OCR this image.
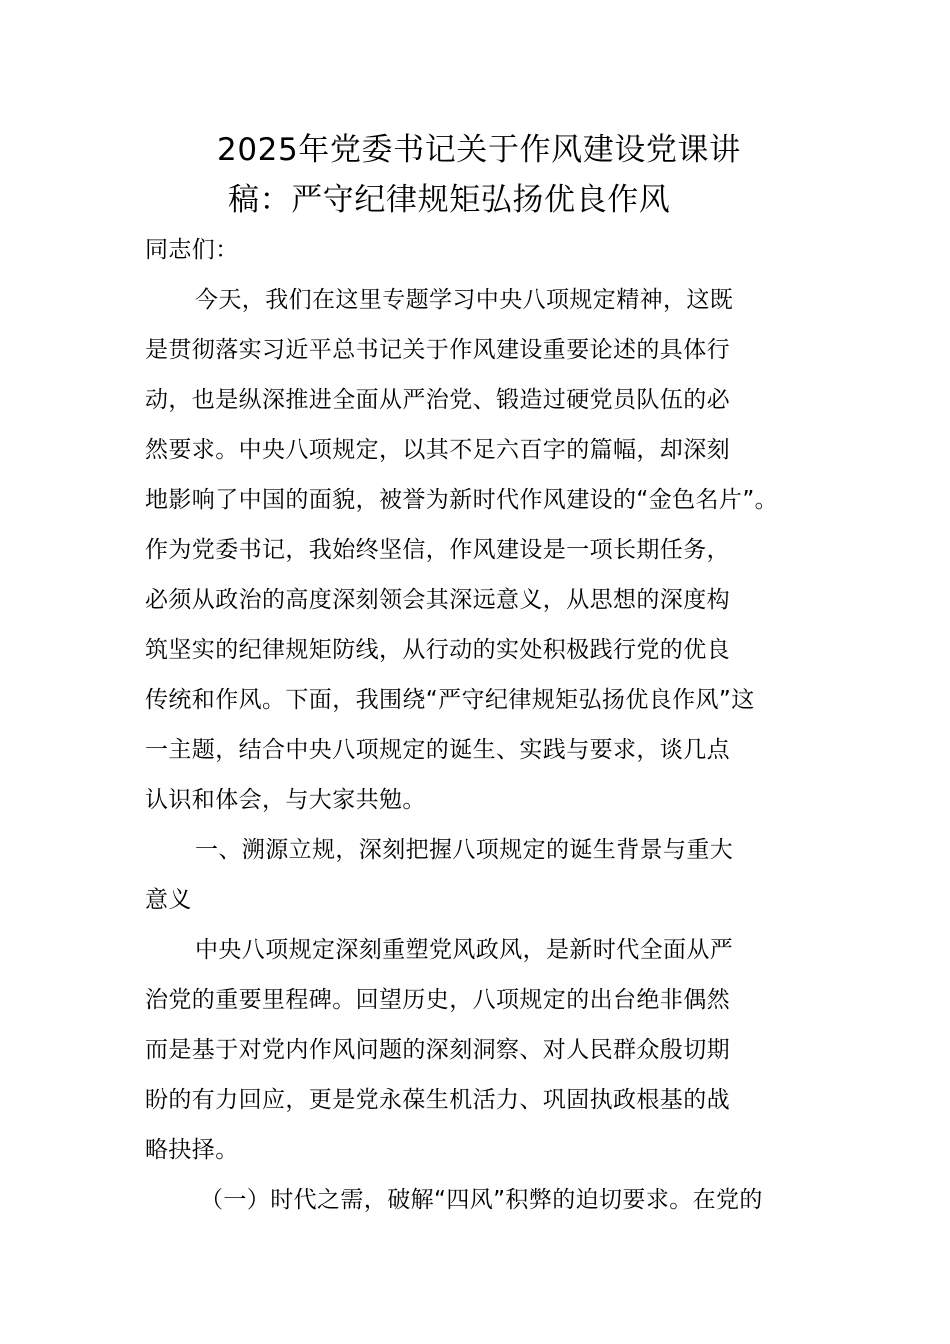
2025年党委书记关于作风建设党课讲
稿：严守纪律规矩弘扬优良作风
同志们：
今天，我们在这里专题学习中央八项规定精神，这既
是贯彻落实习近平总书记关于作风建设重要论述的具体行
动，也是纵深推进全面从严治党、锻造过硬党员队伍的必
然要求。中央八项规定，以其不足六百字的篇幅，却深刻
地影响了中国的面貌，被誉为新时代作风建设的“金色名片”。
作为党委书记，我始终坚信，作风建设是一项长期任务，
必须从政治的高度深刻领会其深远意义，从思想的深度构
筑坚实的纪律规矩防线，从行动的实处积极践行党的优良
传统和作风。下面，我围绕“严守纪律规矩弘扬优良作风”这
一主题，结合中央八项规定的诞生、实践与要求，谈几点
认识和体会，与大家共勉。
一、溯源立规，深刻把握八项规定的诞生背景与重大
意义
中央八项规定深刻重塑党风政风，是新时代全面从严
治党的重要里程碑。回望历史，八项规定的出台绝非偶然
而是基于对党内作风问题的深刻洞察、对人民群众殷切期
盼的有力回应，更是党永葆生机活力、巩固执政根基的战
略抉择。
（一）时代之需，破解“四风”积弊的迫切要求。在党的
